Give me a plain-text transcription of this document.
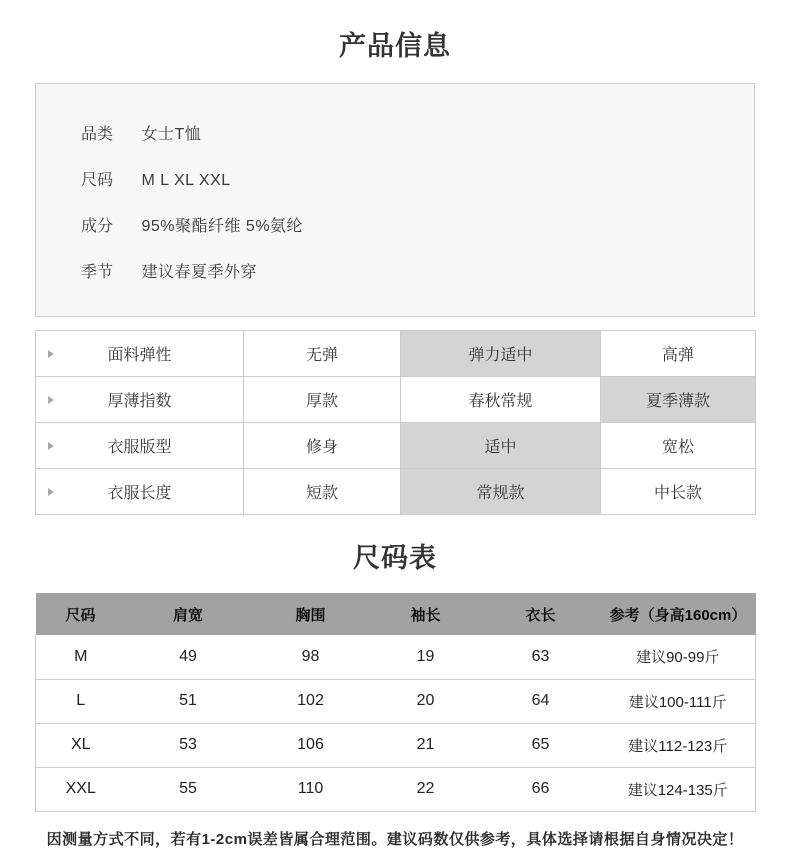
产品信息
品类 女士T恤
尺码 M L XL XXL
成分 95%聚酯纤维 5%氨纶
季节 建议春夏季外穿
面料弹性	无弹	弹力适中	高弹

厚薄指数	厚款	春秋常规	夏季薄款

衣服版型	修身	适中	宽松

衣服长度	短款	常规款	中长款
尺码表
尺码	肩宽	胸围	袖长	衣长	参考（身高160cm）
M	49	98	19	63	建议90-99斤
L	51	102	20	64	建议100-111斤
XL	53	106	21	65	建议112-123斤
XXL	55	110	22	66	建议124-135斤
因测量方式不同，若有1-2cm误差皆属合理范围。建议码数仅供参考，具体选择请根据自身情况决定！
